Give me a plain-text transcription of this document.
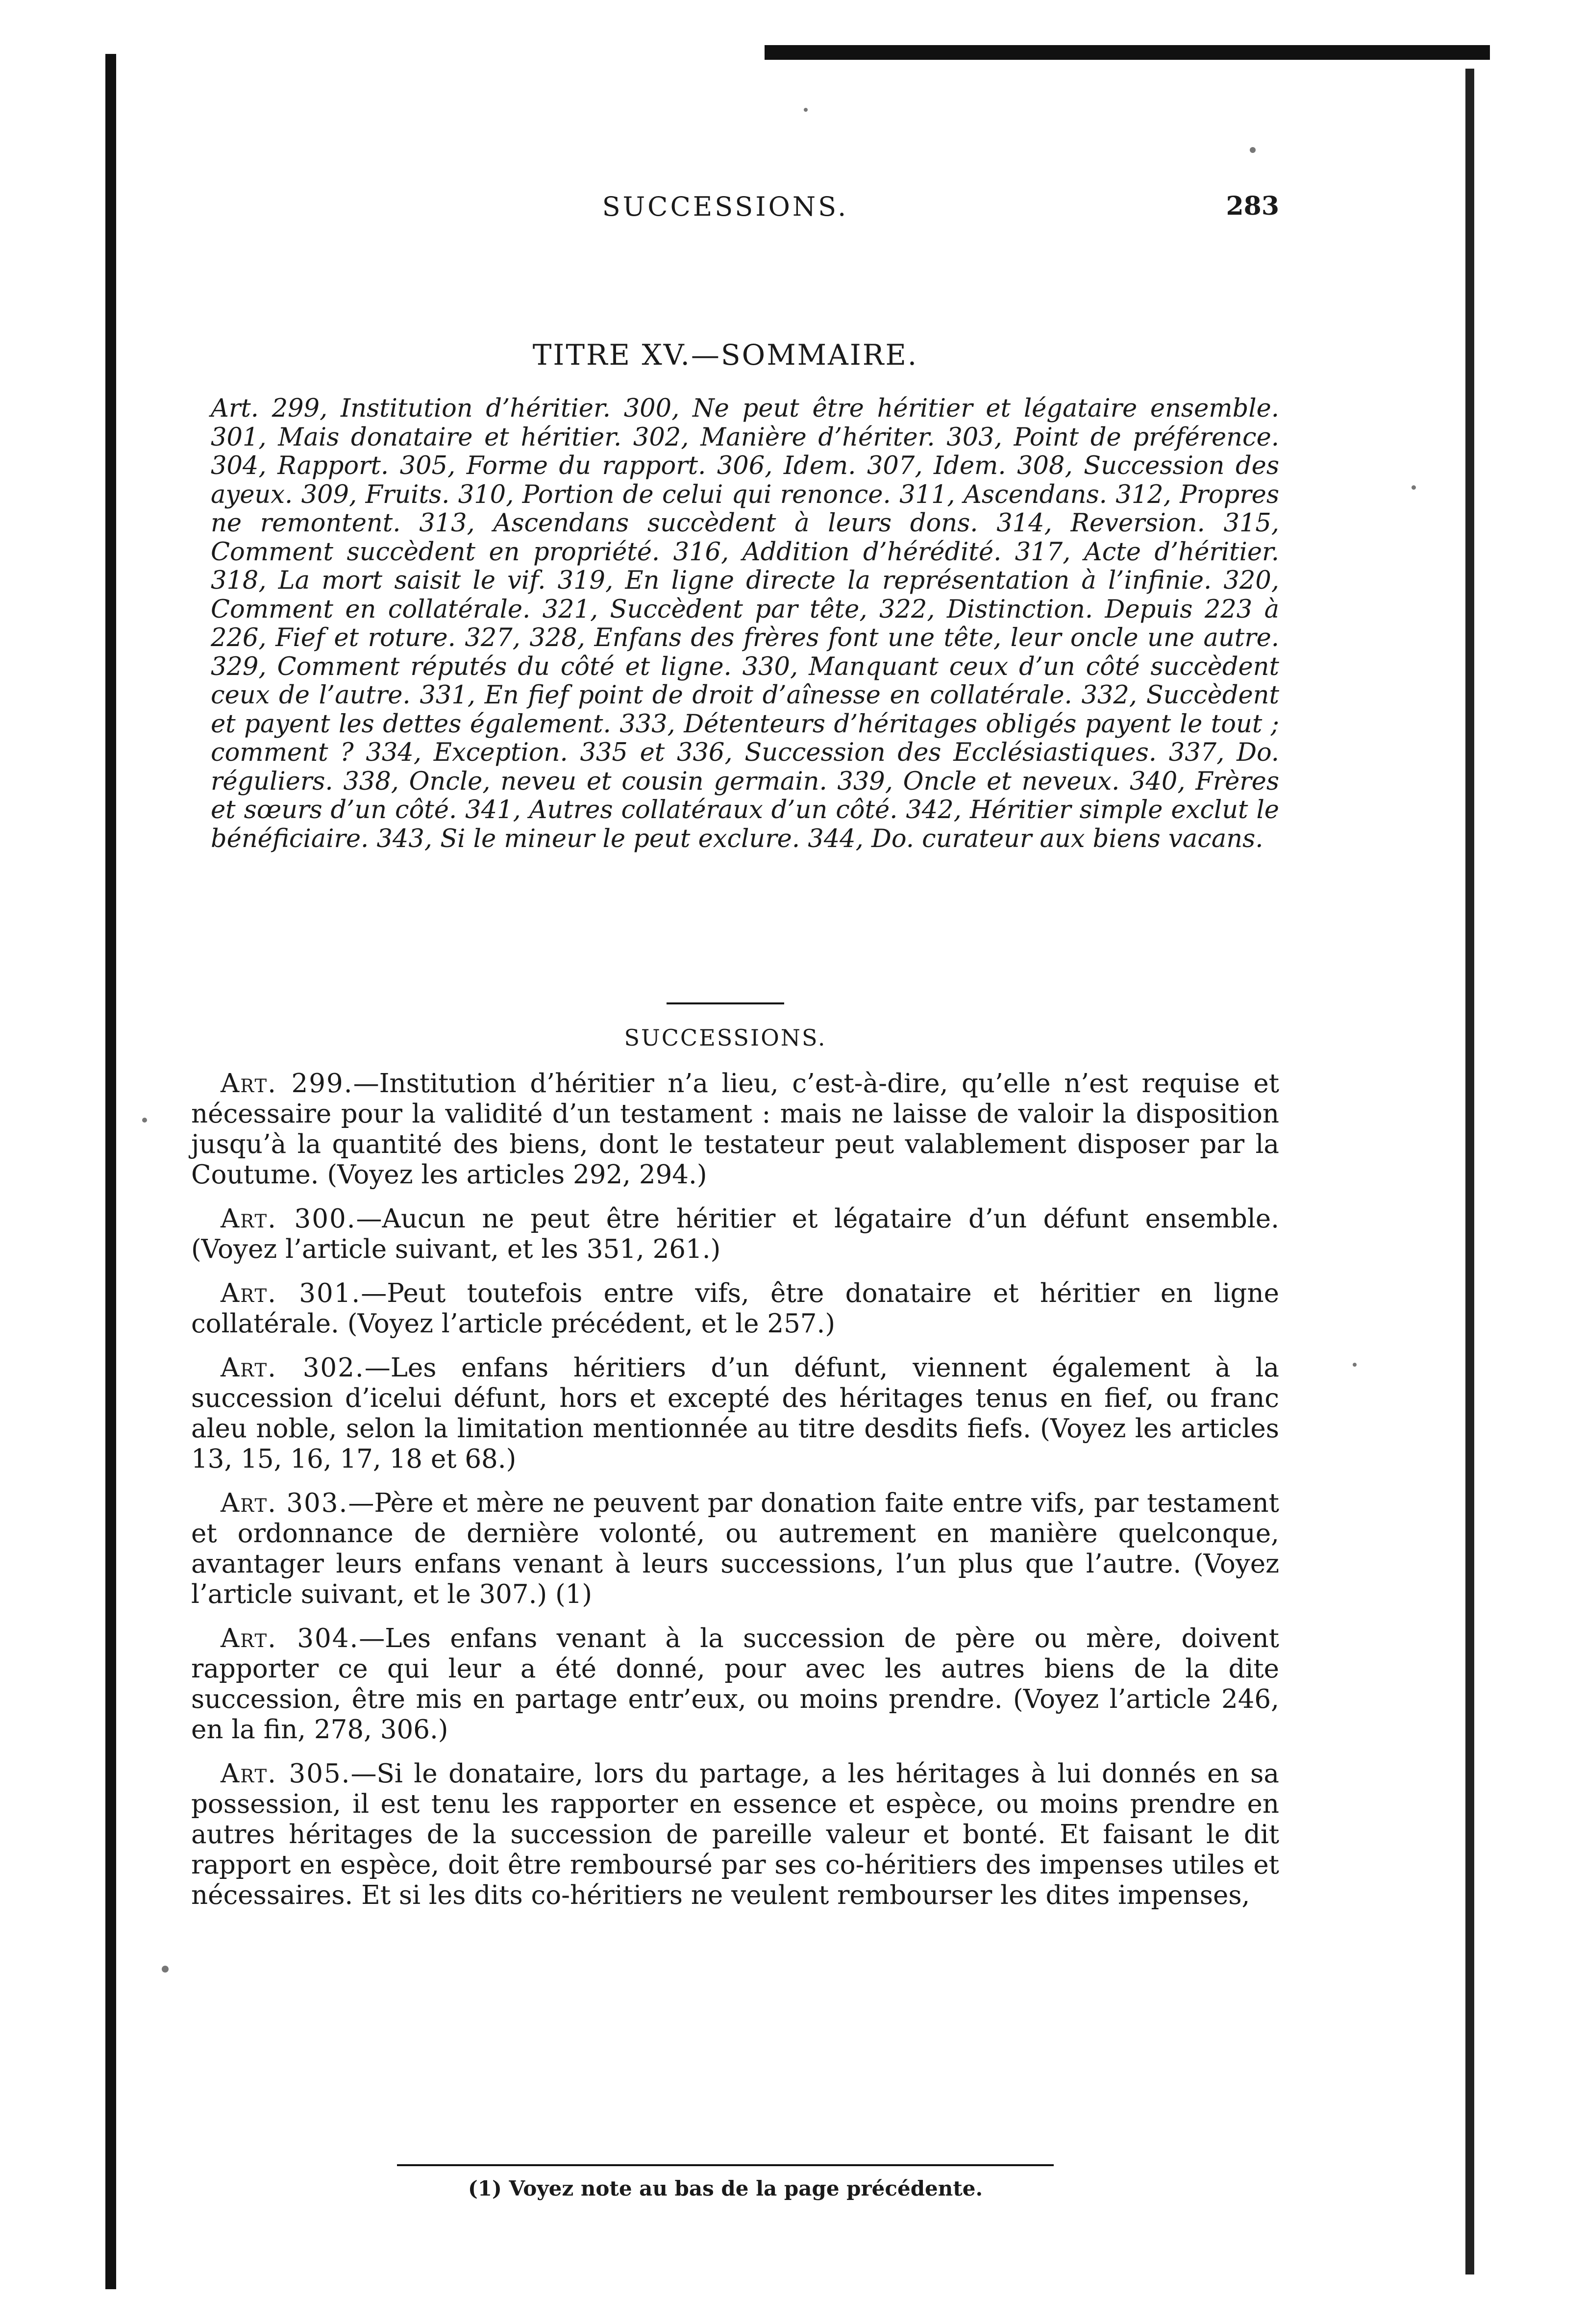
SUCCESSIONS.	283
TITRE XV.—SOMMAIRE.
Art. 299, Institution d’héritier. 300, Ne peut être héritier et légataire ensemble. 301, Mais donataire et héritier. 302, Manière d’hériter. 303, Point de préférence. 304, Rapport. 305, Forme du rapport. 306, Idem. 307, Idem. 308, Succession des ayeux. 309, Fruits. 310, Portion de celui qui renonce. 311, Ascendans. 312, Propres ne remontent. 313, Ascendans succèdent à leurs dons. 314, Reversion. 315, Comment succèdent en propriété. 316, Addition d’hérédité. 317, Acte d’héritier. 318, La mort saisit le vif. 319, En ligne directe la représentation à l’infinie. 320, Comment en collatérale. 321, Succèdent par tête, 322, Distinction. Depuis 223 à 226, Fief et roture. 327, 328, Enfans des frères font une tête, leur oncle une autre. 329, Comment réputés du côté et ligne. 330, Manquant ceux d’un côté succèdent ceux de l’autre. 331, En fief point de droit d’aînesse en collatérale. 332, Succèdent et payent les dettes également. 333, Détenteurs d’héritages obligés payent le tout ; comment ? 334, Exception. 335 et 336, Succession des Ecclésiastiques. 337, Do. réguliers. 338, Oncle, neveu et cousin germain. 339, Oncle et neveux. 340, Frères et sœurs d’un côté. 341, Autres collatéraux d’un côté. 342, Héritier simple exclut le bénéficiaire. 343, Si le mineur le peut exclure. 344, Do. curateur aux biens vacans.
SUCCESSIONS.

Art. 299.—Institution d’héritier n’a lieu, c’est-à-dire, qu’elle n’est requise et nécessaire pour la validité d’un testament : mais ne laisse de valoir la disposition jusqu’à la quantité des biens, dont le testateur peut valablement disposer par la Coutume. (Voyez les articles 292, 294.)

Art. 300.—Aucun ne peut être héritier et légataire d’un défunt ensemble. (Voyez l’article suivant, et les 351, 261.)

Art. 301.—Peut toutefois entre vifs, être donataire et héritier en ligne collatérale. (Voyez l’article précédent, et le 257.)

Art. 302.—Les enfans héritiers d’un défunt, viennent également à la succession d’icelui défunt, hors et excepté des héritages tenus en fief, ou franc aleu noble, selon la limitation mentionnée au titre desdits fiefs. (Voyez les articles 13, 15, 16, 17, 18 et 68.)

Art. 303.—Père et mère ne peuvent par donation faite entre vifs, par testament et ordonnance de dernière volonté, ou autrement en manière quelconque, avantager leurs enfans venant à leurs successions, l’un plus que l’autre. (Voyez l’article suivant, et le 307.) (1)

Art. 304.—Les enfans venant à la succession de père ou mère, doivent rapporter ce qui leur a été donné, pour avec les autres biens de la dite succession, être mis en partage entr’eux, ou moins prendre. (Voyez l’article 246, en la fin, 278, 306.)

Art. 305.—Si le donataire, lors du partage, a les héritages à lui donnés en sa possession, il est tenu les rapporter en essence et espèce, ou moins prendre en autres héritages de la succession de pareille valeur et bonté. Et faisant le dit rapport en espèce, doit être remboursé par ses co-héritiers des impenses utiles et nécessaires. Et si les dits co-héritiers ne veulent rembourser les dites impenses,

(1) Voyez note au bas de la page précédente.
